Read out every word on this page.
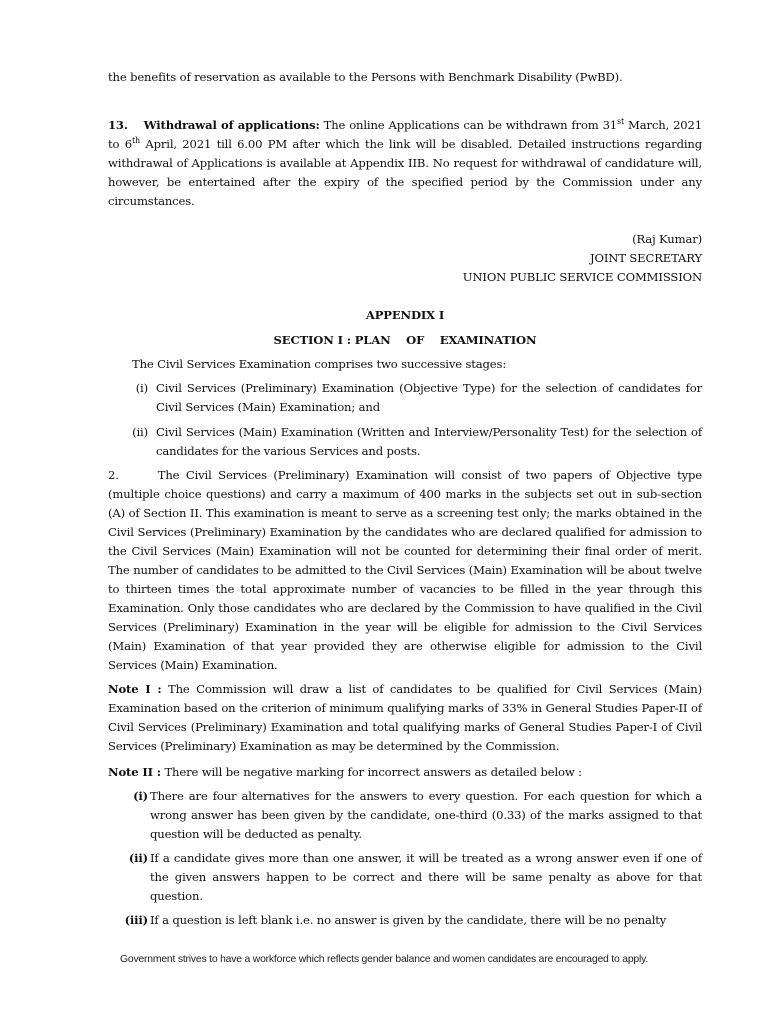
the benefits of reservation as available to the Persons with Benchmark Disability (PwBD).
13. Withdrawal of applications: The online Applications can be withdrawn from 31st March, 2021 to 6th April, 2021 till 6.00 PM after which the link will be disabled. Detailed instructions regarding withdrawal of Applications is available at Appendix IIB. No request for withdrawal of candidature will, however, be entertained after the expiry of the specified period by the Commission under any circumstances.
(Raj Kumar)
JOINT SECRETARY
UNION PUBLIC SERVICE COMMISSION
APPENDIX I
SECTION I : PLAN    OF    EXAMINATION
The Civil Services Examination comprises two successive stages:
(i) Civil Services (Preliminary) Examination (Objective Type) for the selection of candidates for Civil Services (Main) Examination; and
(ii) Civil Services (Main) Examination (Written and Interview/Personality Test) for the selection of candidates for the various Services and posts.
2.	The Civil Services (Preliminary) Examination will consist of two papers of Objective type (multiple choice questions) and carry a maximum of 400 marks in the subjects set out in sub-section (A) of Section II. This examination is meant to serve as a screening test only; the marks obtained in the Civil Services (Preliminary) Examination by the candidates who are declared qualified for admission to the Civil Services (Main) Examination will not be counted for determining their final order of merit. The number of candidates to be admitted to the Civil Services (Main) Examination will be about twelve to thirteen times the total approximate number of vacancies to be filled in the year through this Examination. Only those candidates who are declared by the Commission to have qualified in the Civil Services (Preliminary) Examination in the year will be eligible for admission to the Civil Services (Main) Examination of that year provided they are otherwise eligible for admission to the Civil Services (Main) Examination.
Note I : The Commission will draw a list of candidates to be qualified for Civil Services (Main) Examination based on the criterion of minimum qualifying marks of 33% in General Studies Paper-II of Civil Services (Preliminary) Examination and total qualifying marks of General Studies Paper-I of Civil Services (Preliminary) Examination as may be determined by the Commission.
Note II : There will be negative marking for incorrect answers as detailed below :
(i) There are four alternatives for the answers to every question. For each question for which a wrong answer has been given by the candidate, one-third (0.33) of the marks assigned to that question will be deducted as penalty.
(ii) If a candidate gives more than one answer, it will be treated as a wrong answer even if one of the given answers happen to be correct and there will be same penalty as above for that question.
(iii) If a question is left blank i.e. no answer is given by the candidate, there will be no penalty
Government strives to have a workforce which reflects gender balance and women candidates are encouraged to apply.
